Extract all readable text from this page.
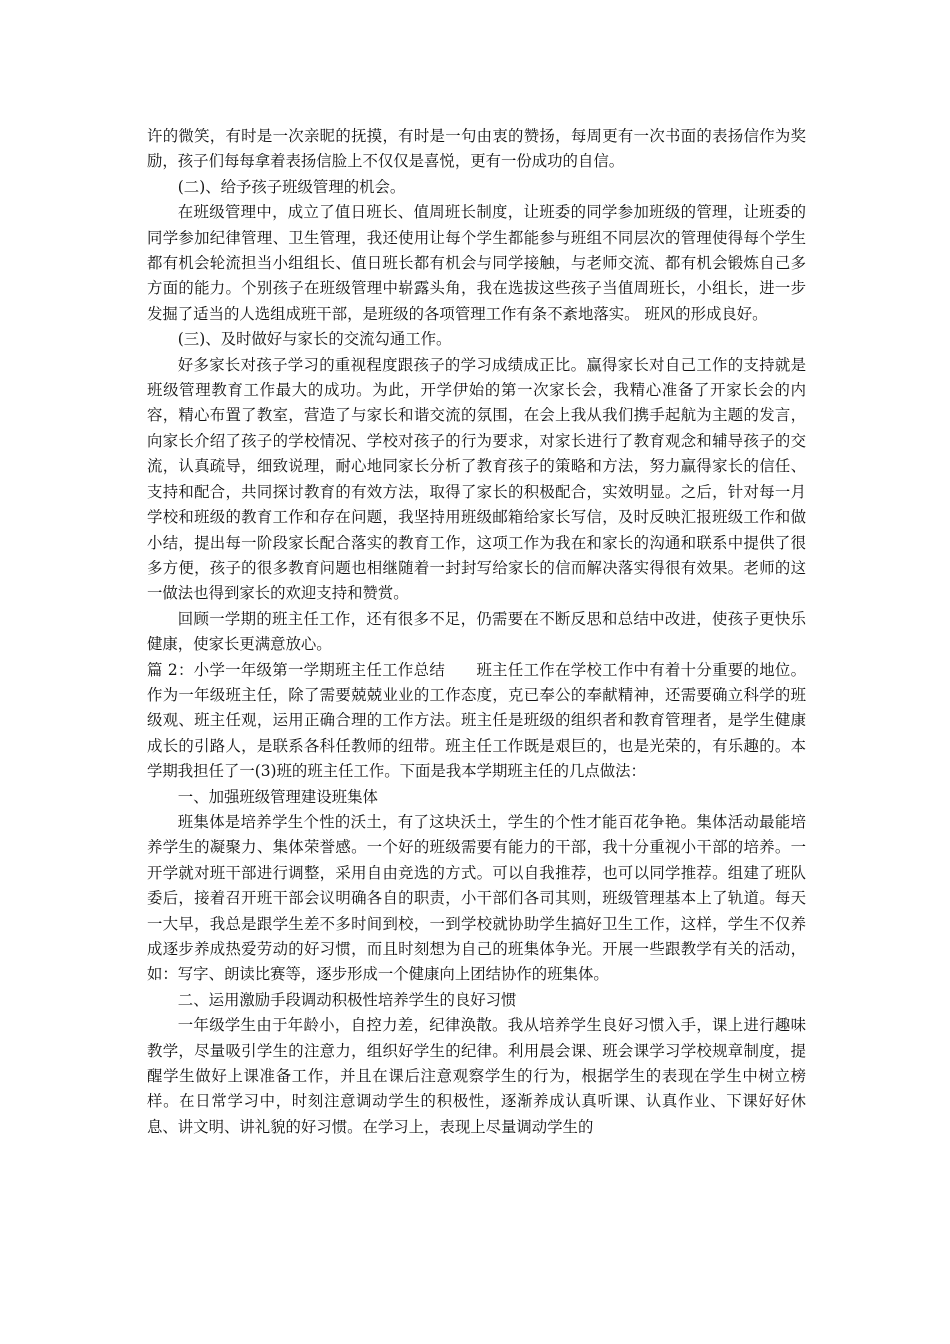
许的微笑，有时是一次亲昵的抚摸，有时是一句由衷的赞扬，每周更有一次书面的表扬信作为奖励，孩子们每每拿着表扬信脸上不仅仅是喜悦，更有一份成功的自信。

(二)、给予孩子班级管理的机会。

在班级管理中，成立了值日班长、值周班长制度，让班委的同学参加班级的管理，让班委的同学参加纪律管理、卫生管理，我还使用让每个学生都能参与班组不同层次的管理使得每个学生都有机会轮流担当小组组长、值日班长都有机会与同学接触，与老师交流、都有机会锻炼自己多方面的能力。个别孩子在班级管理中崭露头角，我在选拔这些孩子当值周班长，小组长，进一步发掘了适当的人选组成班干部，是班级的各项管理工作有条不紊地落实。 班风的形成良好。

(三)、及时做好与家长的交流勾通工作。

好多家长对孩子学习的重视程度跟孩子的学习成绩成正比。赢得家长对自己工作的支持就是班级管理教育工作最大的成功。为此，开学伊始的第一次家长会，我精心准备了开家长会的内容，精心布置了教室，营造了与家长和谐交流的氛围，在会上我从我们携手起航为主题的发言，向家长介绍了孩子的学校情况、学校对孩子的行为要求，对家长进行了教育观念和辅导孩子的交流，认真疏导，细致说理，耐心地同家长分析了教育孩子的策略和方法，努力赢得家长的信任、支持和配合，共同探讨教育的有效方法，取得了家长的积极配合，实效明显。之后，针对每一月学校和班级的教育工作和存在问题，我坚持用班级邮箱给家长写信，及时反映汇报班级工作和做小结，提出每一阶段家长配合落实的教育工作，这项工作为我在和家长的沟通和联系中提供了很多方便，孩子的很多教育问题也相继随着一封封写给家长的信而解决落实得很有效果。老师的这一做法也得到家长的欢迎支持和赞赏。

回顾一学期的班主任工作，还有很多不足，仍需要在不断反思和总结中改进，使孩子更快乐健康，使家长更满意放心。

篇 2：小学一年级第一学期班主任工作总结　　班主任工作在学校工作中有着十分重要的地位。作为一年级班主任，除了需要兢兢业业的工作态度，克已奉公的奉献精神，还需要确立科学的班级观、班主任观，运用正确合理的工作方法。班主任是班级的组织者和教育管理者，是学生健康成长的引路人，是联系各科任教师的纽带。班主任工作既是艰巨的，也是光荣的，有乐趣的。本学期我担任了一(3)班的班主任工作。下面是我本学期班主任的几点做法：

一、加强班级管理建设班集体

班集体是培养学生个性的沃土，有了这块沃土，学生的个性才能百花争艳。集体活动最能培养学生的凝聚力、集体荣誉感。一个好的班级需要有能力的干部，我十分重视小干部的培养。一开学就对班干部进行调整，采用自由竞选的方式。可以自我推荐，也可以同学推荐。组建了班队委后，接着召开班干部会议明确各自的职责，小干部们各司其则，班级管理基本上了轨道。每天一大早，我总是跟学生差不多时间到校，一到学校就协助学生搞好卫生工作，这样，学生不仅养成逐步养成热爱劳动的好习惯，而且时刻想为自己的班集体争光。开展一些跟教学有关的活动，如：写字、朗读比赛等，逐步形成一个健康向上团结协作的班集体。

二、运用激励手段调动积极性培养学生的良好习惯

一年级学生由于年龄小，自控力差，纪律涣散。我从培养学生良好习惯入手，课上进行趣味教学，尽量吸引学生的注意力，组织好学生的纪律。利用晨会课、班会课学习学校规章制度，提醒学生做好上课准备工作，并且在课后注意观察学生的行为，根据学生的表现在学生中树立榜样。在日常学习中，时刻注意调动学生的积极性，逐渐养成认真听课、认真作业、下课好好休息、讲文明、讲礼貌的好习惯。在学习上，表现上尽量调动学生的
